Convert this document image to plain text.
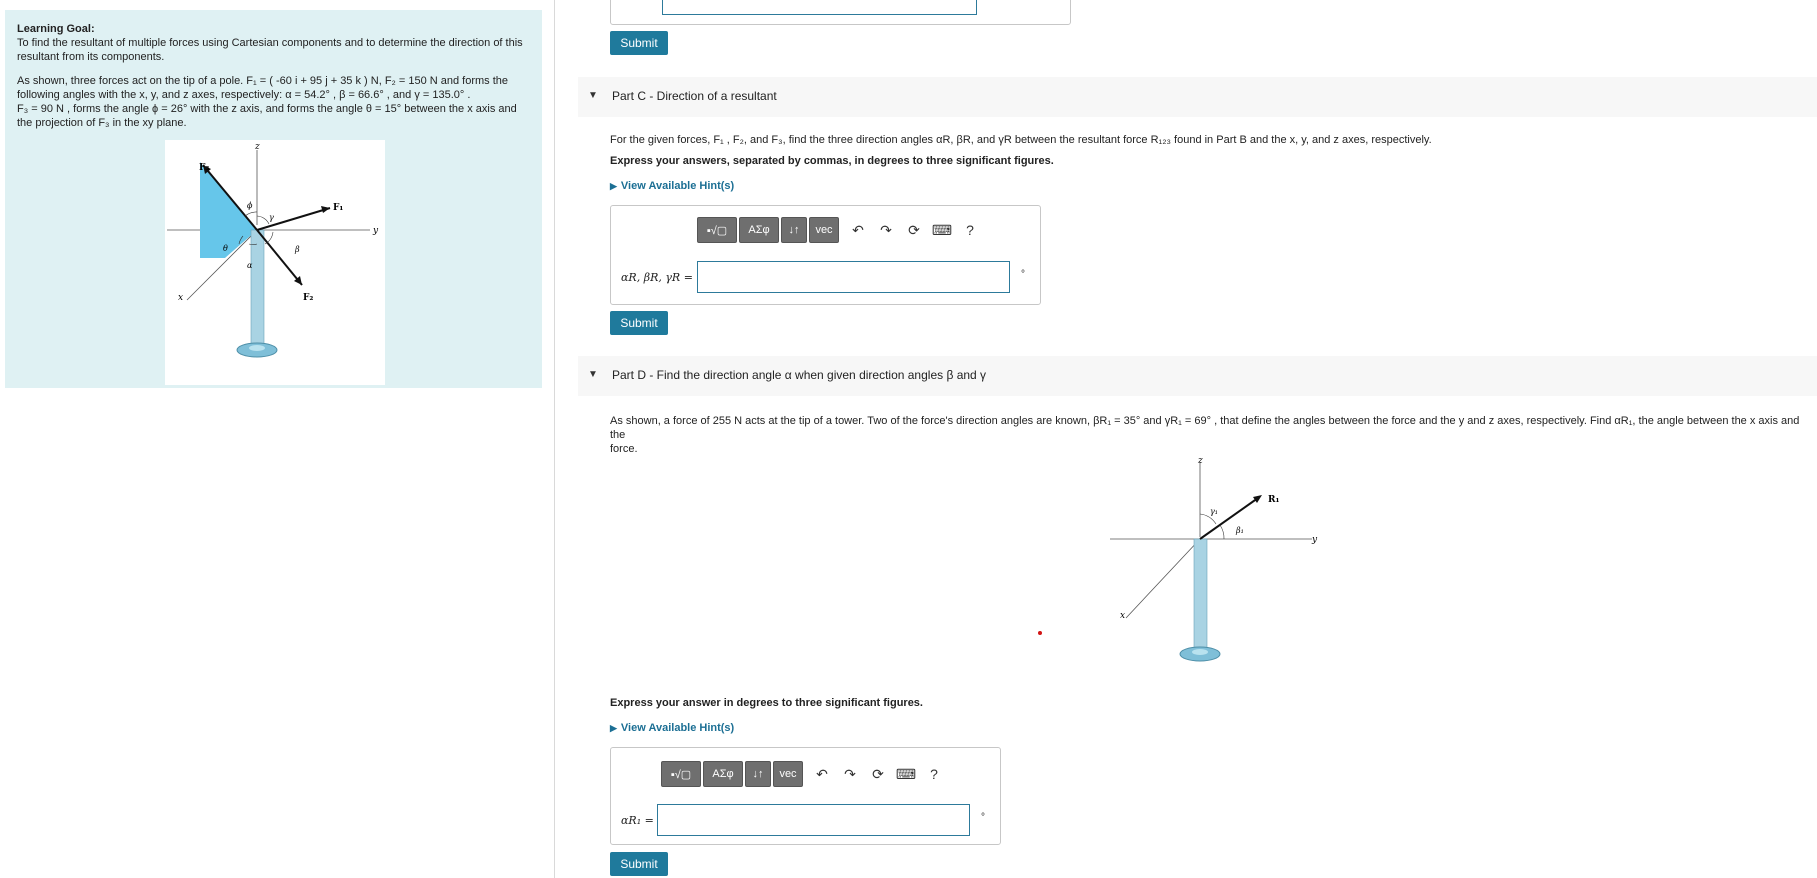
Learning Goal:
To find the resultant of multiple forces using Cartesian components and to determine the direction of this resultant from its components.
As shown, three forces act on the tip of a pole. F₁ = ( -60 i + 95 j + 35 k ) N, F₂ = 150 N and forms the
following angles with the x, y, and z axes, respectively: α = 54.2° , β = 66.6° , and γ = 135.0° .
F₃ = 90 N , forms the angle ϕ = 26° with the z axis, and forms the angle θ = 15° between the x axis and
the projection of F₃ in the xy plane.
z
y
x
F₁
F₂
F₃
ϕ
γ
β
θ
α
Submit
▼ Part C - Direction of a resultant
For the given forces, F₁ , F₂, and F₃, find the three direction angles αR, βR, and γR between the resultant force R₁₂₃ found in Part B and the x, y, and z axes, respectively.
Express your answers, separated by commas, in degrees to three significant figures.
▶ View Available Hint(s)
▪√▢	ΑΣφ	↓↑	vec	↶	↷	⟳ ⌨ ?
αR, βR, γR =	°
Submit
▼ Part D - Find the direction angle α when given direction angles β and γ
As shown, a force of 255 N acts at the tip of a tower. Two of the force's direction angles are known, βR₁ = 35° and γR₁ = 69° , that define the angles between the force and the y and z axes, respectively. Find αR₁, the angle between the x axis and the
force.
z
y
x
R₁
γ₁
β₁
Express your answer in degrees to three significant figures.
▶ View Available Hint(s)
▪√▢	ΑΣφ	↓↑	vec	↶	↷	⟳ ⌨ ?
αR₁ =	°
Submit
